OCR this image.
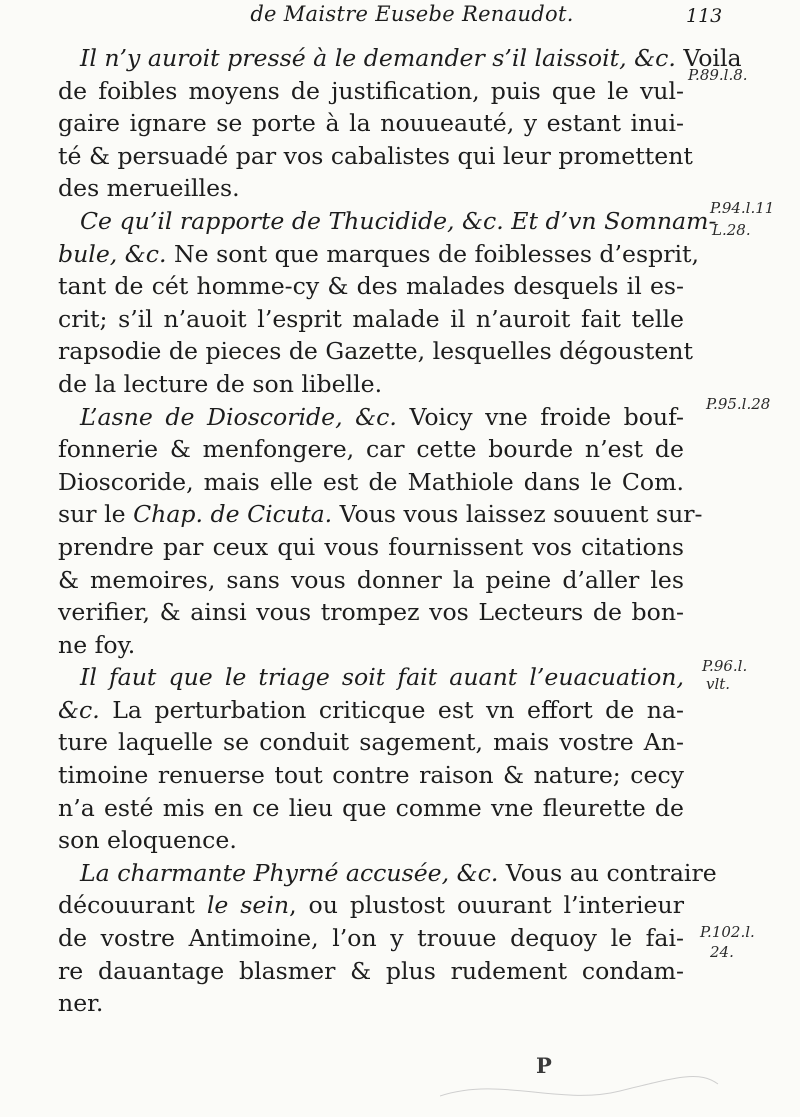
de Maistre Eusebe Renaudot.	113
Il n’y auroit pressé à le demander s’il laissoit, &c. Voila
de foibles moyens de justification, puis que le vul-
gaire ignare se porte à la nouueauté, y estant inui-
té & persuadé par vos cabalistes qui leur promettent
des merueilles.
Ce qu’il rapporte de Thucidide, &c. Et d’vn Somnam-
bule, &c. Ne sont que marques de foiblesses d’esprit,
tant de cét homme-cy & des malades desquels il es-
crit; s’il n’auoit l’esprit malade il n’auroit fait telle
rapsodie de pieces de Gazette, lesquelles dégoustent
de la lecture de son libelle.
L’asne de Dioscoride, &c. Voicy vne froide bouf-
fonnerie & menfongere, car cette bourde n’est de
Dioscoride, mais elle est de Mathiole dans le Com.
sur le Chap. de Cicuta. Vous vous laissez souuent sur-
prendre par ceux qui vous fournissent vos citations
& memoires, sans vous donner la peine d’aller les
verifier, & ainsi vous trompez vos Lecteurs de bon-
ne foy.
Il faut que le triage soit fait auant l’euacuation,
&c. La perturbation criticque est vn effort de na-
ture laquelle se conduit sagement, mais vostre An-
timoine renuerse tout contre raison & nature; cecy
n’a esté mis en ce lieu que comme vne fleurette de
son eloquence.
La charmante Phyrné accusée, &c. Vous au contraire
découurant le sein, ou plustost ouurant l’interieur
de vostre Antimoine, l’on y trouue dequoy le fai-
re dauantage blasmer & plus rudement condam-
ner.
P.89.l.8.
P.94.l.11
L.28.
P.95.l.28
P.96.l.
vlt.
P.102.l.
24.
P
